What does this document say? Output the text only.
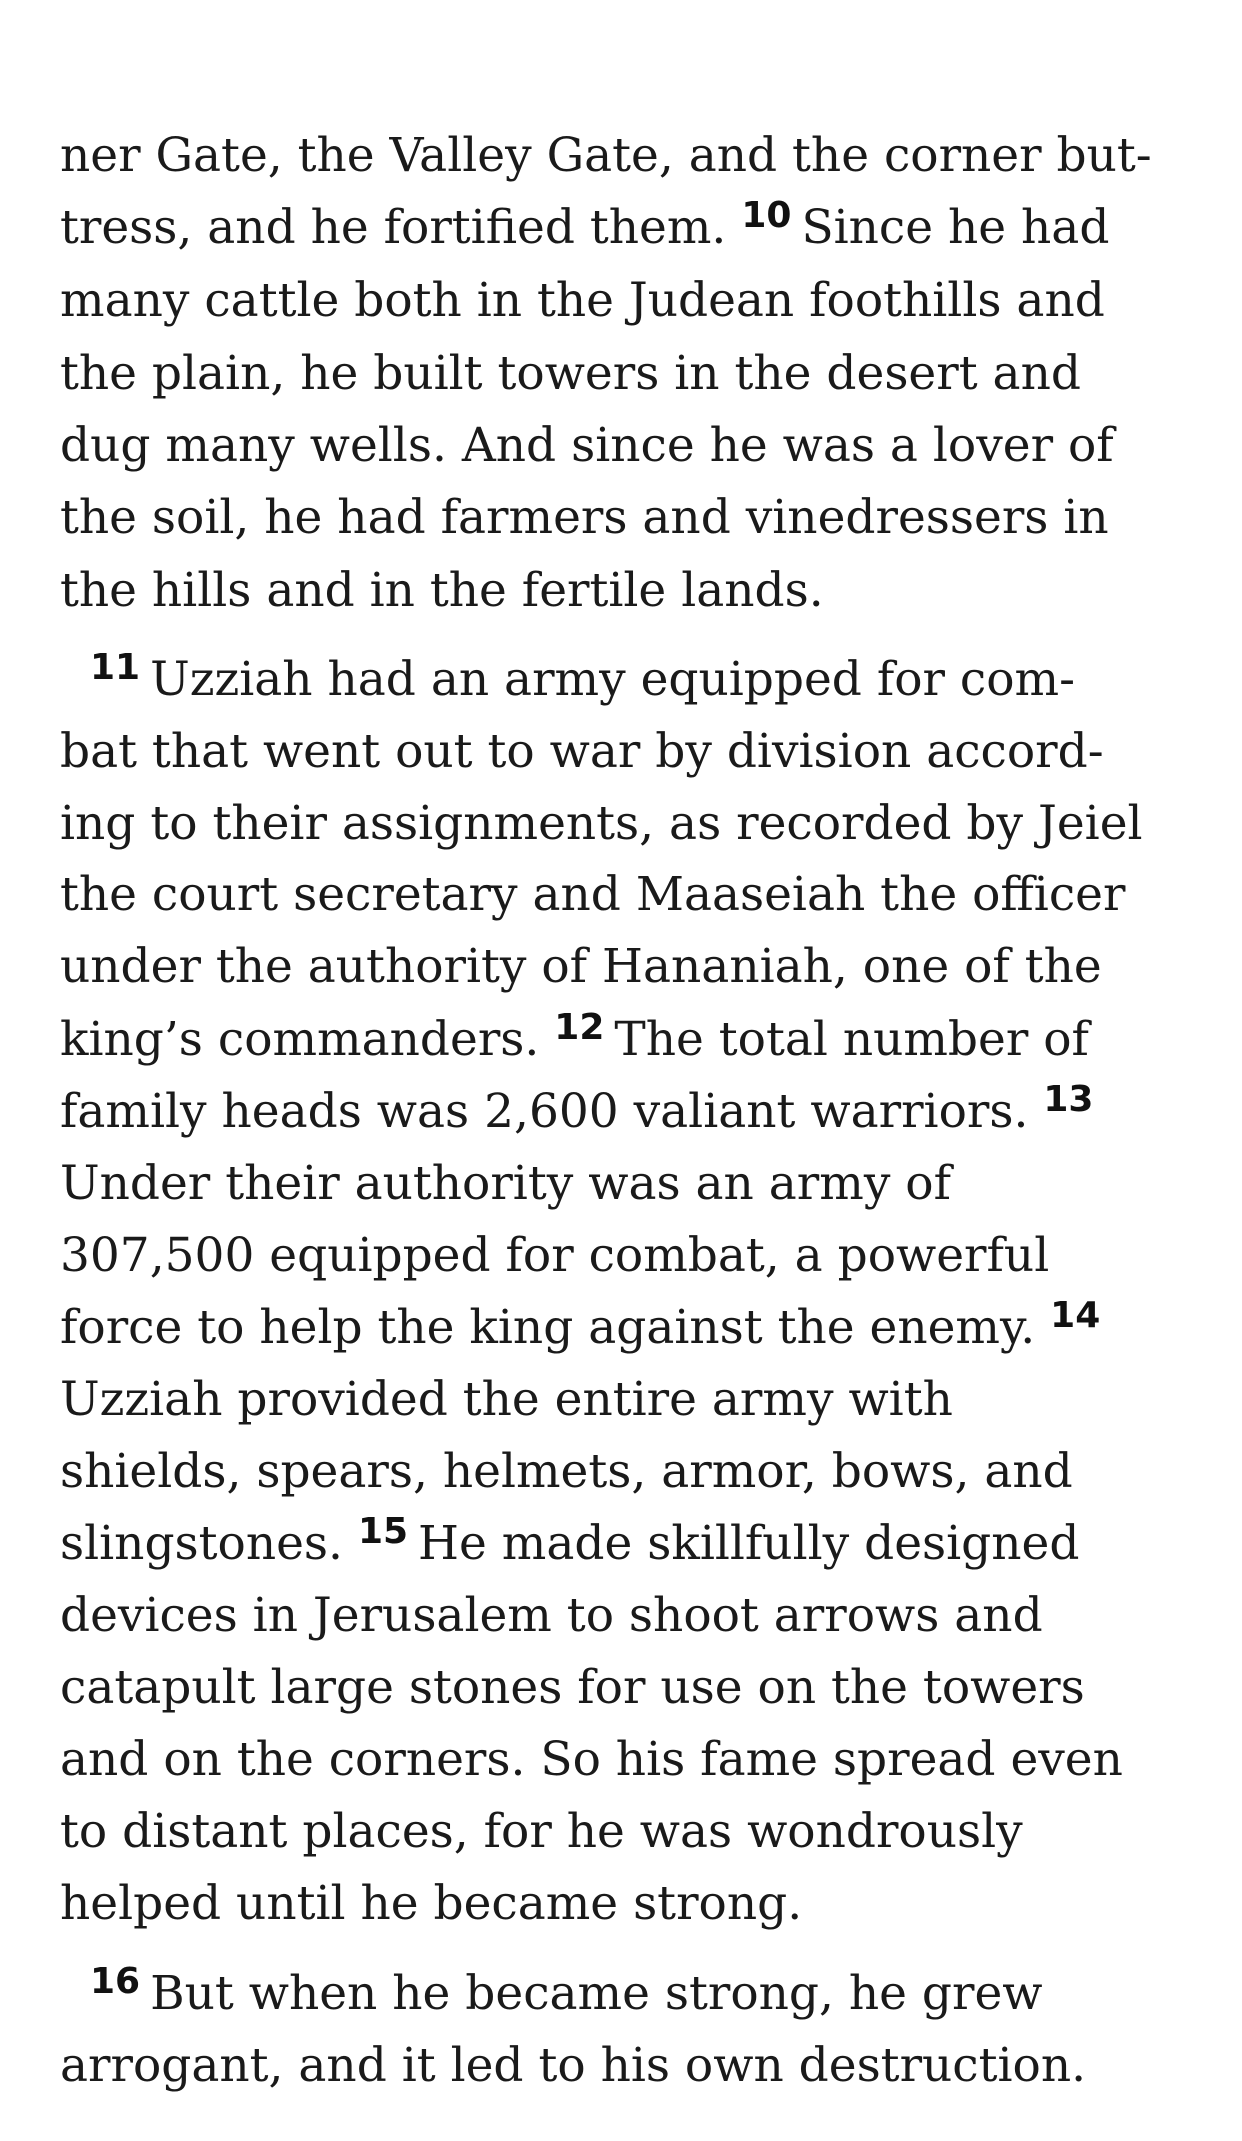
ner Gate, the Valley Gate, and the corner but-
tress, and he fortified them. $^{10}$ Since he had
many cattle both in the Judean foothills and
the plain, he built towers in the desert and
dug many wells. And since he was a lover of
the soil, he had farmers and vinedressers in
the hills and in the fertile lands.
$^{11}$ Uzziah had an army equipped for com-
bat that went out to war by division accord-
ing to their assignments, as recorded by Jeiel
the court secretary and Maaseiah the officer
under the authority of Hananiah, one of the
king’s commanders. $^{12}$ The total number of
family heads was 2,600 valiant warriors. $^{13}$
Under their authority was an army of
307,500 equipped for combat, a powerful
force to help the king against the enemy. $^{14}$
Uzziah provided the entire army with
shields, spears, helmets, armor, bows, and
slingstones. $^{15}$ He made skillfully designed
devices in Jerusalem to shoot arrows and
catapult large stones for use on the towers
and on the corners. So his fame spread even
to distant places, for he was wondrously
helped until he became strong.
$^{16}$ But when he became strong, he grew
arrogant, and it led to his own destruction.
